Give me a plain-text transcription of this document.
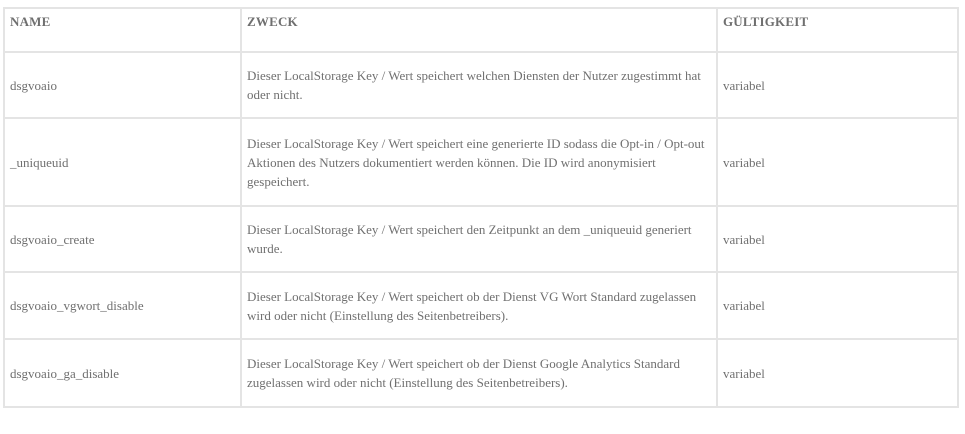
NAME	ZWECK	GÜLTIGKEIT
dsgvoaio	Dieser LocalStorage Key / Wert speichert welchen Diensten der Nutzer zugestimmt hat oder nicht.	variabel
_uniqueuid	Dieser LocalStorage Key / Wert speichert eine generierte ID sodass die Opt-in / Opt-out Aktionen des Nutzers dokumentiert werden können. Die ID wird anonymisiert gespeichert.	variabel
dsgvoaio_create	Dieser LocalStorage Key / Wert speichert den Zeitpunkt an dem _uniqueuid generiert wurde.	variabel
dsgvoaio_vgwort_disable	Dieser LocalStorage Key / Wert speichert ob der Dienst VG Wort Standard zugelassen wird oder nicht (Einstellung des Seitenbetreibers).	variabel
dsgvoaio_ga_disable	Dieser LocalStorage Key / Wert speichert ob der Dienst Google Analytics Standard zugelassen wird oder nicht (Einstellung des Seitenbetreibers).	variabel
